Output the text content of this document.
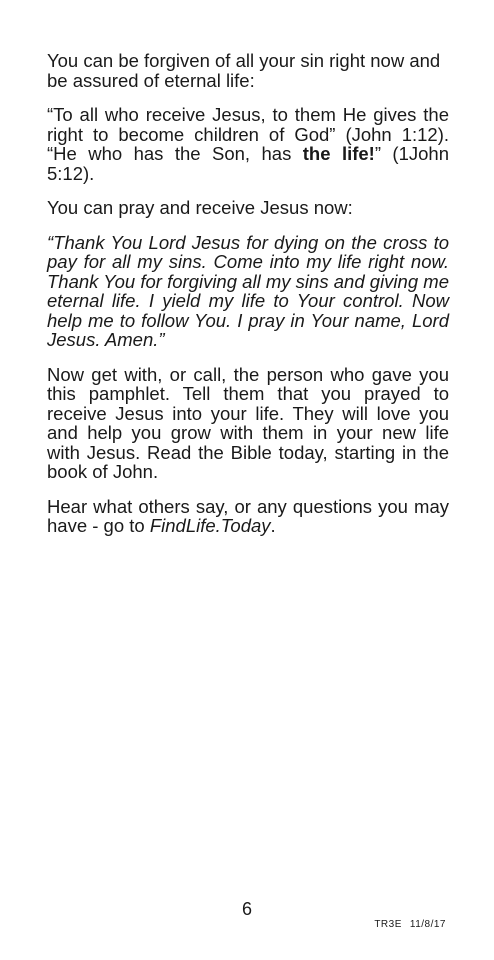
You can be forgiven of all your sin right now and be assured of eternal life:

“To all who receive Jesus, to them He gives the right to become children of God” (John 1:12). “He who has the Son, has the life!” (1John 5:12).

You can pray and receive Jesus now:

“Thank You Lord Jesus for dying on the cross to pay for all my sins. Come into my life right now. Thank You for forgiving all my sins and giving me eternal life. I yield my life to Your control. Now help me to follow You. I pray in Your name, Lord Jesus. Amen.”

Now get with, or call, the person who gave you this pamphlet. Tell them that you prayed to receive Jesus into your life. They will love you and help you grow with them in your new life with Jesus. Read the Bible today, starting in the book of John.

Hear what others say, or any questions you may have - go to FindLife.Today.

6
TR3E 11/8/17
